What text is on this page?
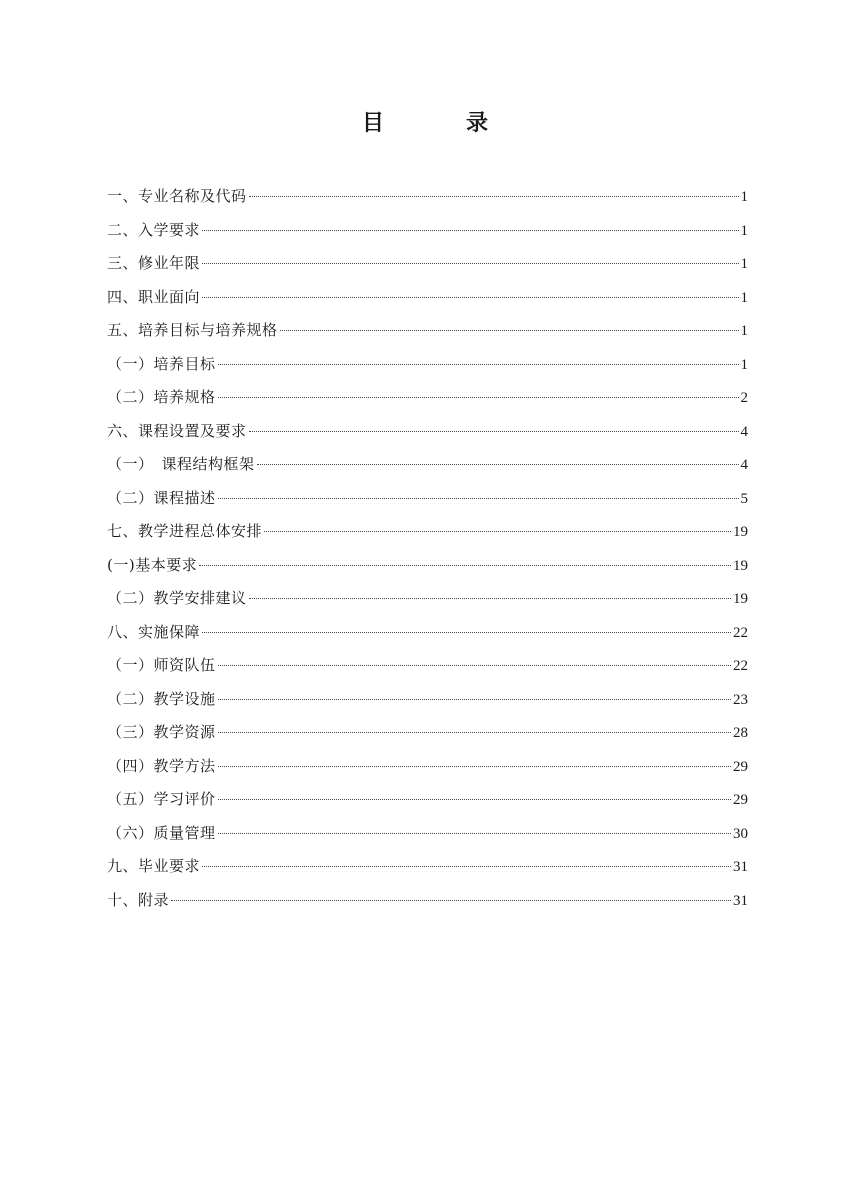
目　录
一、专业名称及代码	1
二、入学要求	1
三、修业年限	1
四、职业面向	1
五、培养目标与培养规格	1
（一）培养目标	1
（二）培养规格	2
六、课程设置及要求	4
（一）　课程结构框架	4
（二）课程描述	5
七、教学进程总体安排	19
(一)基本要求	19
（二）教学安排建议	19
八、实施保障	22
（一）师资队伍	22
（二）教学设施	23
（三）教学资源	28
（四）教学方法	29
（五）学习评价	29
（六）质量管理	30
九、毕业要求	31
十、附录	31
